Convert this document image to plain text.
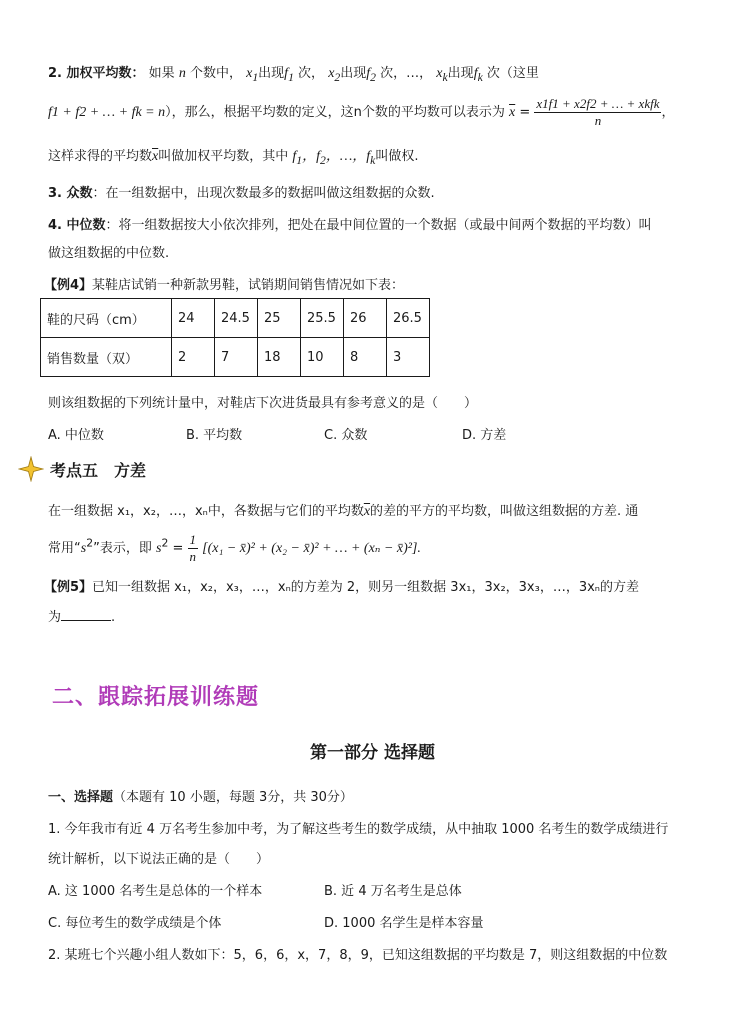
2. 加权平均数： 如果 n 个数中， $x_1$出现$f_1$ 次， $x_2$出现$f_2$ 次，…， $x_k$出现$f_k$ 次（这里
f1 + f2 + … + fk = n），那么，根据平均数的定义，这n个数的平均数可以表示为 $\overline{x} = \frac{\text{x1f1 + x2f2 + … + xkfk}}{n}$ ，
这样求得的平均数$\overline{x}$叫做加权平均数，其中 $f_1$，$f_2$，…，$f_k$叫做权.
3. 众数：在一组数据中，出现次数最多的数据叫做这组数据的众数.
4. 中位数：将一组数据按大小依次排列，把处在最中间位置的一个数据（或最中间两个数据的平均数）叫
做这组数据的中位数.
【例4】某鞋店试销一种新款男鞋，试销期间销售情况如下表：
鞋的尺码（cm）	24	24.5	25	25.5	26	26.5
销售数量（双）	2	7	18	10	8	3
则该组数据的下列统计量中，对鞋店下次进货最具有参考意义的是（　　）
A. 中位数	B. 平均数	C. 众数	D. 方差
考点五　方差
在一组数据 x₁，x₂，…，xₙ中，各数据与它们的平均数$\overline{x}$的差的平方的平均数，叫做这组数据的方差. 通
常用“$s^2$”表示，即 $s^2 = \frac{1}{n} [(x_1$ − x̄)² + (x₂ − x̄)² + … + (xₙ − x̄)²].
【例5】已知一组数据 x₁，x₂，x₃，…，xₙ的方差为 2，则另一组数据 3x₁，3x₂，3x₃，…，3xₙ的方差
为	.
二、跟踪拓展训练题
第一部分 选择题
一、选择题（本题有 10 小题，每题 3分，共 30分）
1. 今年我市有近 4 万名考生参加中考，为了解这些考生的数学成绩，从中抽取 1000 名考生的数学成绩进行
统计解析，以下说法正确的是（　　）
A. 这 1000 名考生是总体的一个样本	B. 近 4 万名考生是总体
C. 每位考生的数学成绩是个体	D. 1000 名学生是样本容量
2. 某班七个兴趣小组人数如下：5，6，6，x，7，8，9，已知这组数据的平均数是 7，则这组数据的中位数
